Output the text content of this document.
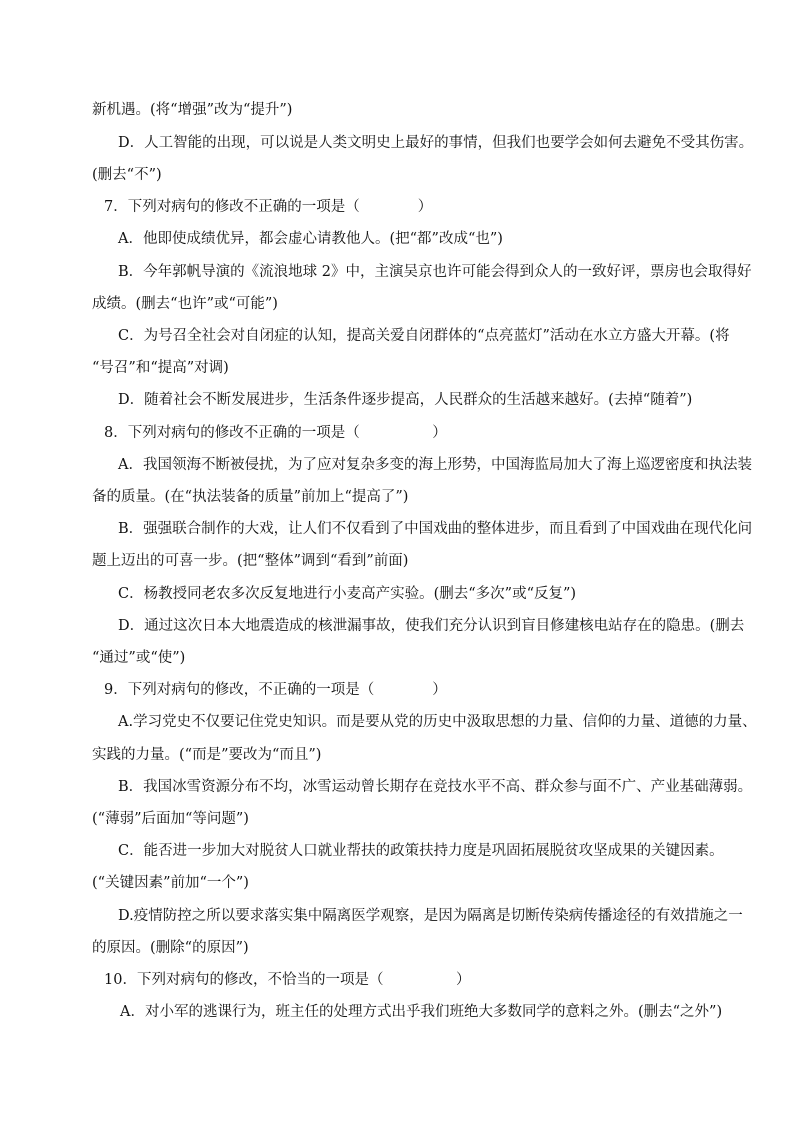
新机遇。(将“增强”改为“提升”)
D．人工智能的出现，可以说是人类文明史上最好的事情，但我们也要学会如何去避免不受其伤害。
(删去“不”)
7．下列对病句的修改不正确的一项是（　　　　）
A．他即使成绩优异，都会虚心请教他人。(把“都”改成“也”)
B．今年郭帆导演的《流浪地球 2》中，主演吴京也许可能会得到众人的一致好评，票房也会取得好
成绩。(删去“也许”或“可能”)
C．为号召全社会对自闭症的认知，提高关爱自闭群体的“点亮蓝灯”活动在水立方盛大开幕。(将
“号召”和“提高”对调)
D．随着社会不断发展进步，生活条件逐步提高，人民群众的生活越来越好。(去掉“随着”)
8．下列对病句的修改不正确的一项是（　　　　　）
A．我国领海不断被侵扰，为了应对复杂多变的海上形势，中国海监局加大了海上巡逻密度和执法装
备的质量。(在“执法装备的质量”前加上“提高了”)
B．强强联合制作的大戏，让人们不仅看到了中国戏曲的整体进步，而且看到了中国戏曲在现代化问
题上迈出的可喜一步。(把“整体”调到“看到”前面)
C．杨教授同老农多次反复地进行小麦高产实验。(删去“多次”或“反复”)
D．通过这次日本大地震造成的核泄漏事故，使我们充分认识到盲目修建核电站存在的隐患。(删去
“通过”或“使”)
9．下列对病句的修改，不正确的一项是（　　　　）
A.学习党史不仅要记住党史知识。而是要从党的历史中汲取思想的力量、信仰的力量、道德的力量、
实践的力量。(“而是”要改为“而且”)
B．我国冰雪资源分布不均，冰雪运动曾长期存在竞技水平不高、群众参与面不广、产业基础薄弱。
(“薄弱”后面加“等问题”)
C．能否进一步加大对脱贫人口就业帮扶的政策扶持力度是巩固拓展脱贫攻坚成果的关键因素。
(“关键因素”前加“一个”)
D.疫情防控之所以要求落实集中隔离医学观察，是因为隔离是切断传染病传播途径的有效措施之一
的原因。(删除“的原因”)
10．下列对病句的修改，不恰当的一项是（　　　　　）
A．对小军的逃课行为，班主任的处理方式出乎我们班绝大多数同学的意料之外。(删去“之外”)
